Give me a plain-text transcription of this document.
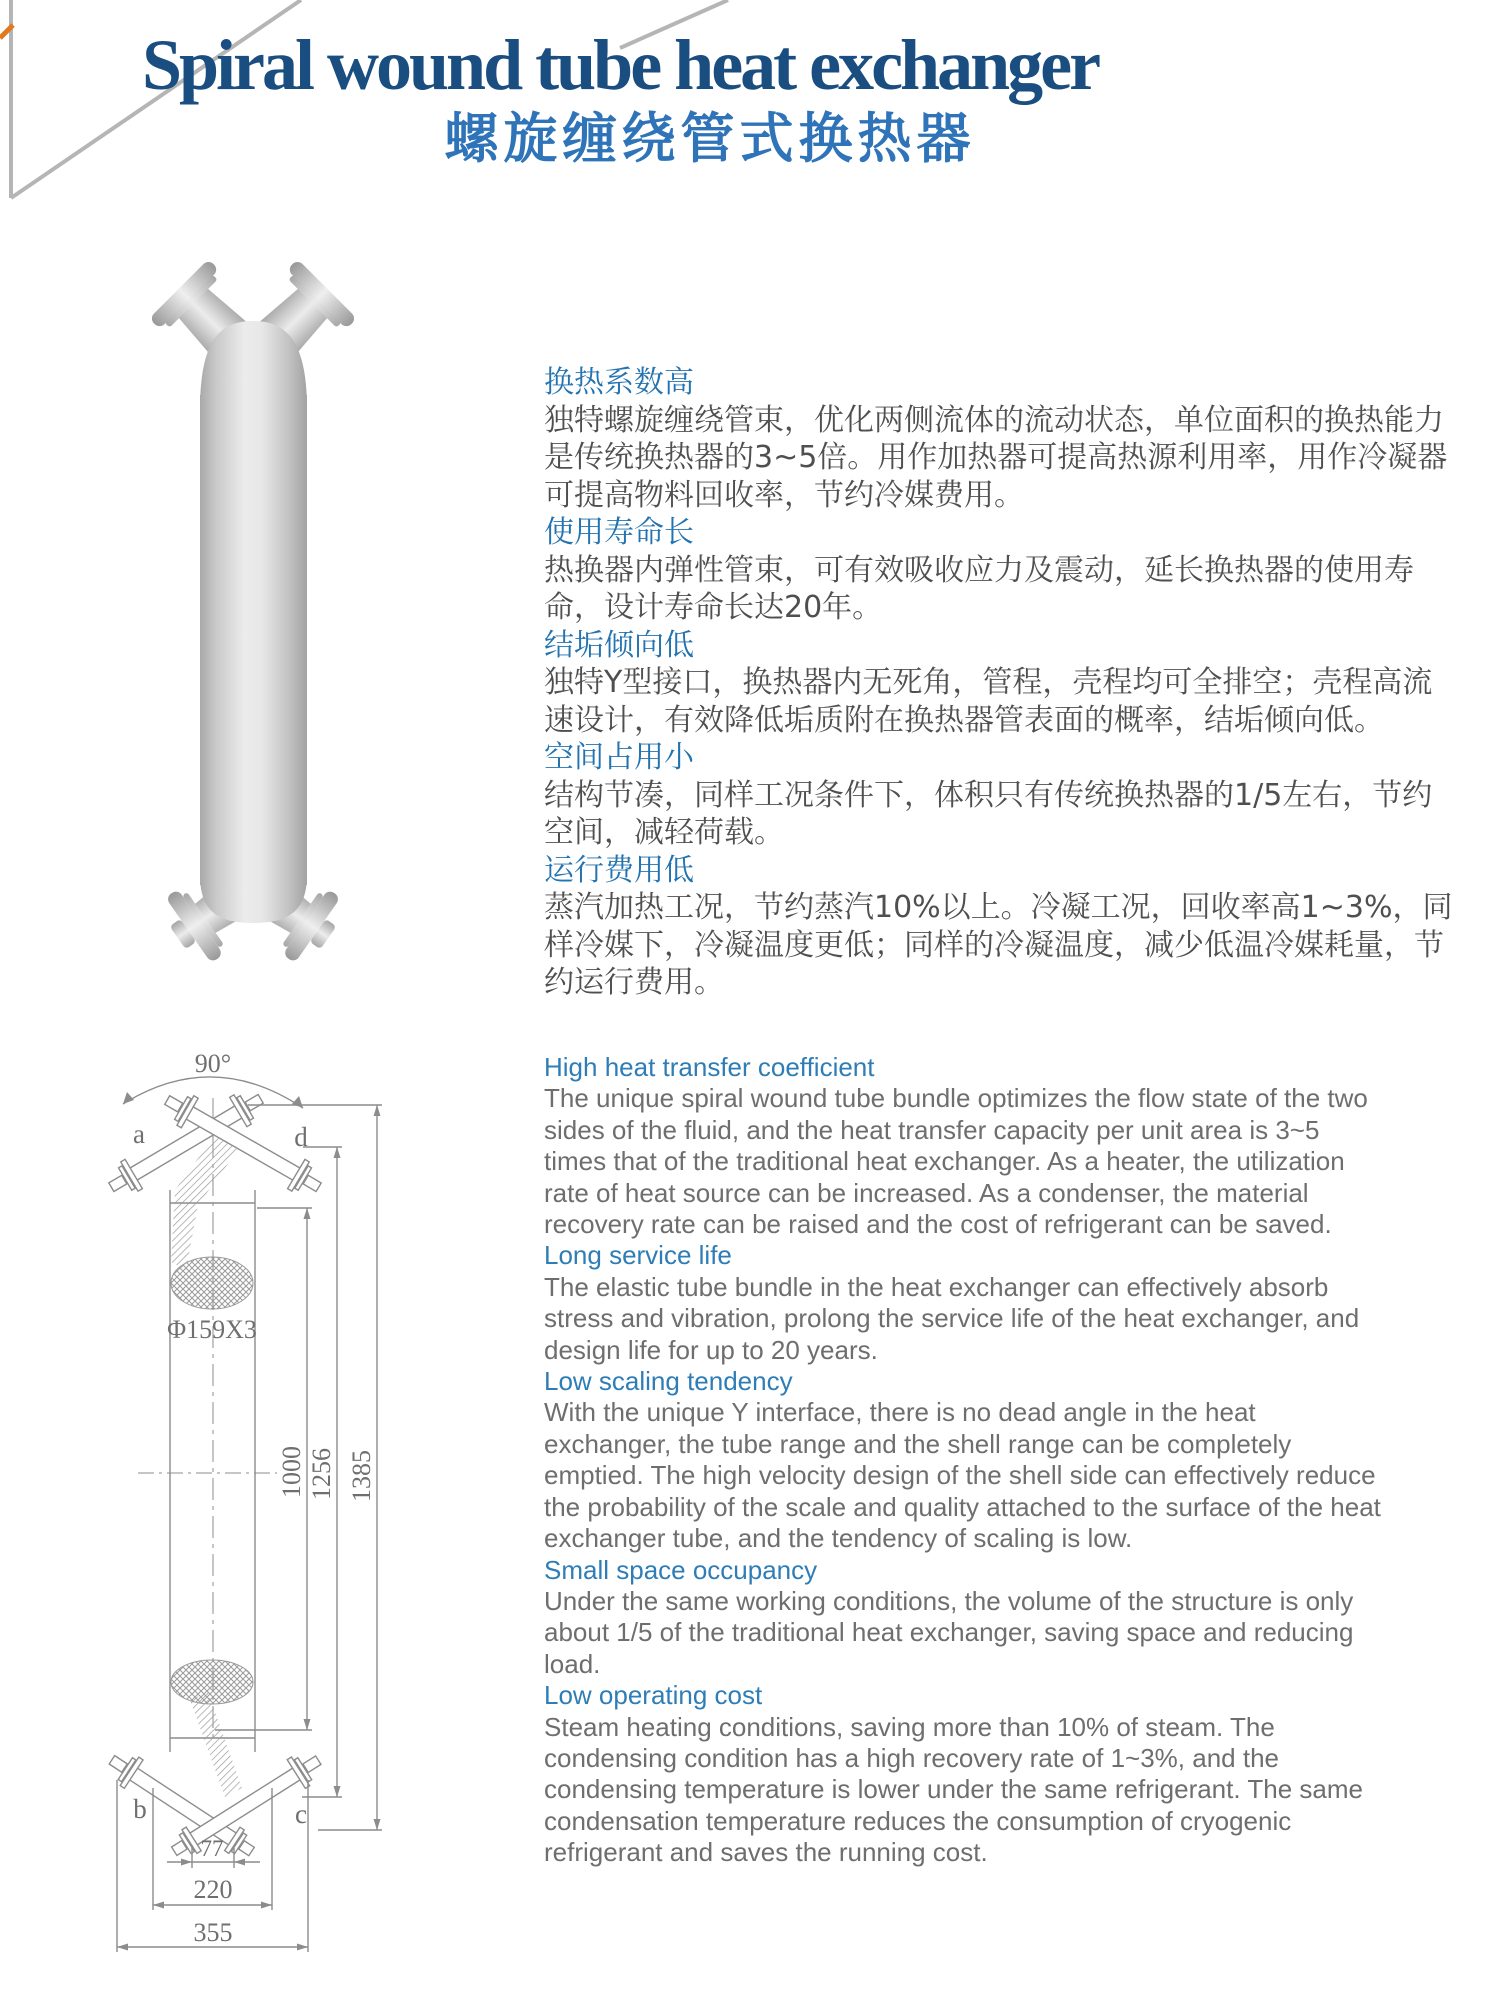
Spiral wound tube heat exchanger
螺旋缠绕管式换热器
换热系数高
独特螺旋缠绕管束，优化两侧流体的流动状态，单位面积的换热能力
是传统换热器的3~5倍。用作加热器可提高热源利用率，用作冷凝器
可提高物料回收率，节约冷媒费用。
使用寿命长
热换器内弹性管束，可有效吸收应力及震动，延长换热器的使用寿
命，设计寿命长达20年。
结垢倾向低
独特Y型接口，换热器内无死角，管程，壳程均可全排空；壳程高流
速设计，有效降低垢质附在换热器管表面的概率，结垢倾向低。
空间占用小
结构节凑，同样工况条件下，体积只有传统换热器的1/5左右，节约
空间，减轻荷载。
运行费用低
蒸汽加热工况，节约蒸汽10%以上。冷凝工况，回收率高1~3%，同
样冷媒下，冷凝温度更低；同样的冷凝温度，减少低温冷媒耗量，节
约运行费用。
High heat transfer coefficient
The unique spiral wound tube bundle optimizes the flow state of the two
sides of the fluid, and the heat transfer capacity per unit area is 3~5
times that of the traditional heat exchanger. As a heater, the utilization
rate of heat source can be increased. As a condenser, the material
recovery rate can be raised and the cost of refrigerant can be saved.
Long service life
The elastic tube bundle in the heat exchanger can effectively absorb
stress and vibration, prolong the service life of the heat exchanger, and
design life for up to 20 years.
Low scaling tendency
With the unique Y interface, there is no dead angle in the heat
exchanger, the tube range and the shell range can be completely
emptied. The high velocity design of the shell side can effectively reduce
the probability of the scale and quality attached to the surface of the heat
exchanger tube, and the tendency of scaling is low.
Small space occupancy
Under the same working conditions, the volume of the structure is only
about 1/5 of the traditional heat exchanger, saving space and reducing
load.
Low operating cost
Steam heating conditions, saving more than 10% of steam. The
condensing condition has a high recovery rate of 1~3%, and the
condensing temperature is lower under the same refrigerant. The same
condensation temperature reduces the consumption of cryogenic
refrigerant and saves the running cost.
90°
a	d
Φ159X3
1000 1256 1385
b	c
77
220
355
